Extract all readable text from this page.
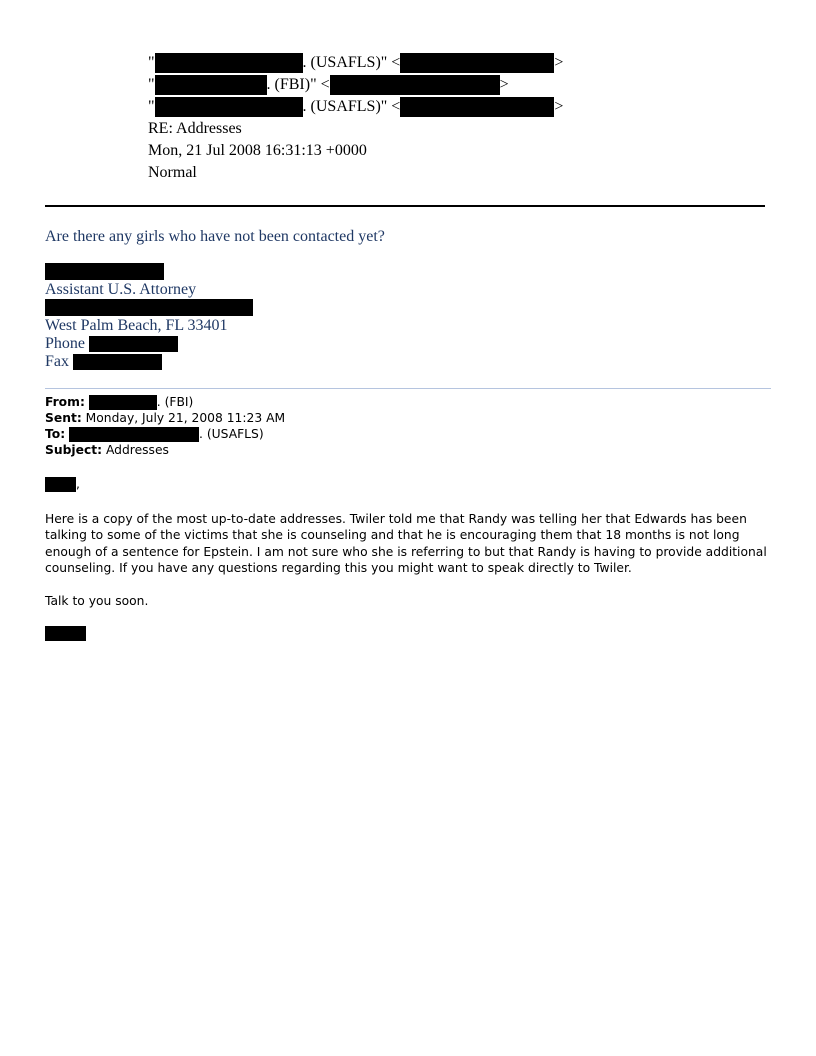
"	. (USAFLS)" <	>
"	. (FBI)" <	>
"	. (USAFLS)" <	>
RE: Addresses
Mon, 21 Jul 2008 16:31:13 +0000
Normal
Are there any girls who have not been contacted yet?
Assistant U.S. Attorney
West Palm Beach, FL 33401
Phone
Fax
From:	. (FBI)
Sent: Monday, July 21, 2008 11:23 AM
To:	. (USAFLS)
Subject: Addresses
,
Here is a copy of the most up-to-date addresses. Twiler told me that Randy was telling her that Edwards has been talking to some of the victims that she is counseling and that he is encouraging them that 18 months is not long enough of a sentence for Epstein. I am not sure who she is referring to but that Randy is having to provide additional counseling. If you have any questions regarding this you might want to speak directly to Twiler.
Talk to you soon.
